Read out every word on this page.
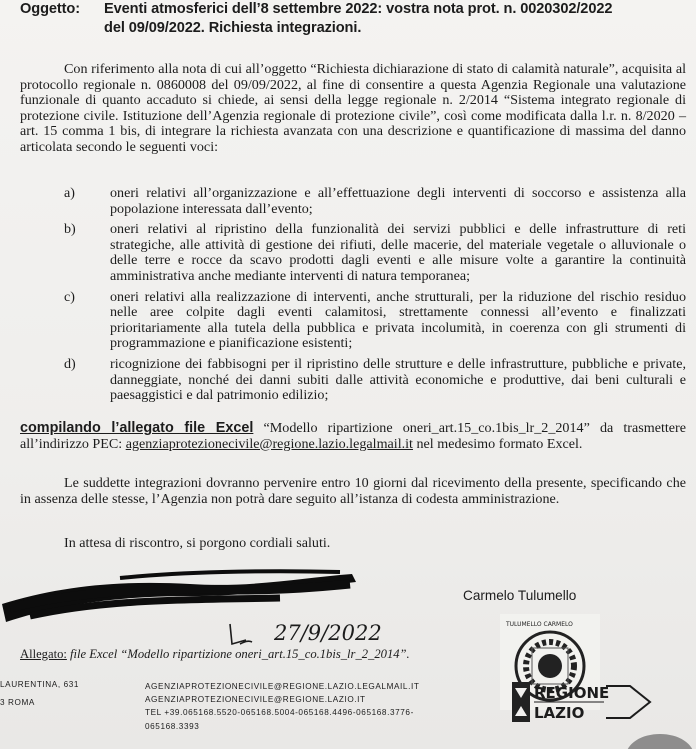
Oggetto: Eventi atmosferici dell’8 settembre 2022: vostra nota prot. n. 0020302/2022
del 09/09/2022. Richiesta integrazioni.
Con riferimento alla nota di cui all’oggetto “Richiesta dichiarazione di stato di calamità naturale”, acquisita al protocollo regionale n. 0860008 del 09/09/2022, al fine di consentire a questa Agenzia Regionale una valutazione funzionale di quanto accaduto si chiede, ai sensi della legge regionale n. 2/2014 “Sistema integrato regionale di protezione civile. Istituzione dell’Agenzia regionale di protezione civile”, così come modificata dalla l.r. n. 8/2020 – art. 15 comma 1 bis, di integrare la richiesta avanzata con una descrizione e quantificazione di massima del danno articolata secondo le seguenti voci:
a)	oneri relativi all’organizzazione e all’effettuazione degli interventi di soccorso e assistenza alla popolazione interessata dall’evento;
b)	oneri relativi al ripristino della funzionalità dei servizi pubblici e delle infrastrutture di reti strategiche, alle attività di gestione dei rifiuti, delle macerie, del materiale vegetale o alluvionale o delle terre e rocce da scavo prodotti dagli eventi e alle misure volte a garantire la continuità amministrativa anche mediante interventi di natura temporanea;
c)	oneri relativi alla realizzazione di interventi, anche strutturali, per la riduzione del rischio residuo nelle aree colpite dagli eventi calamitosi, strettamente connessi all’evento e finalizzati prioritariamente alla tutela della pubblica e privata incolumità, in coerenza con gli strumenti di programmazione e pianificazione esistenti;
d)	ricognizione dei fabbisogni per il ripristino delle strutture e delle infrastrutture, pubbliche e private, danneggiate, nonché dei danni subiti dalle attività economiche e produttive, dai beni culturali e paesaggistici e dal patrimonio edilizio;
compilando l’allegato file Excel “Modello ripartizione oneri_art.15_co.1bis_lr_2_2014” da trasmettere all’indirizzo PEC: agenziaprotezionecivile@regione.lazio.legalmail.it nel medesimo formato Excel.
Le suddette integrazioni dovranno pervenire entro 10 giorni dal ricevimento della presente, specificando che in assenza delle stesse, l’Agenzia non potrà dare seguito all’istanza di codesta amministrazione.
In attesa di riscontro, si porgono cordiali saluti.
Carmelo Tulumello
27/9/2022
Allegato: file Excel “Modello ripartizione oneri_art.15_co.1bis_lr_2_2014”.
LAURENTINA, 631
3 ROMA
AGENZIAPROTEZIONECIVILE@REGIONE.LAZIO.LEGALMAIL.IT
AGENZIAPROTEZIONECIVILE@REGIONE.LAZIO.IT
TEL +39.065168.5520-065168.5004-065168.4496-065168.3776-065168.3393
TULUMELLO CARMELO
REGIONE
LAZIO
